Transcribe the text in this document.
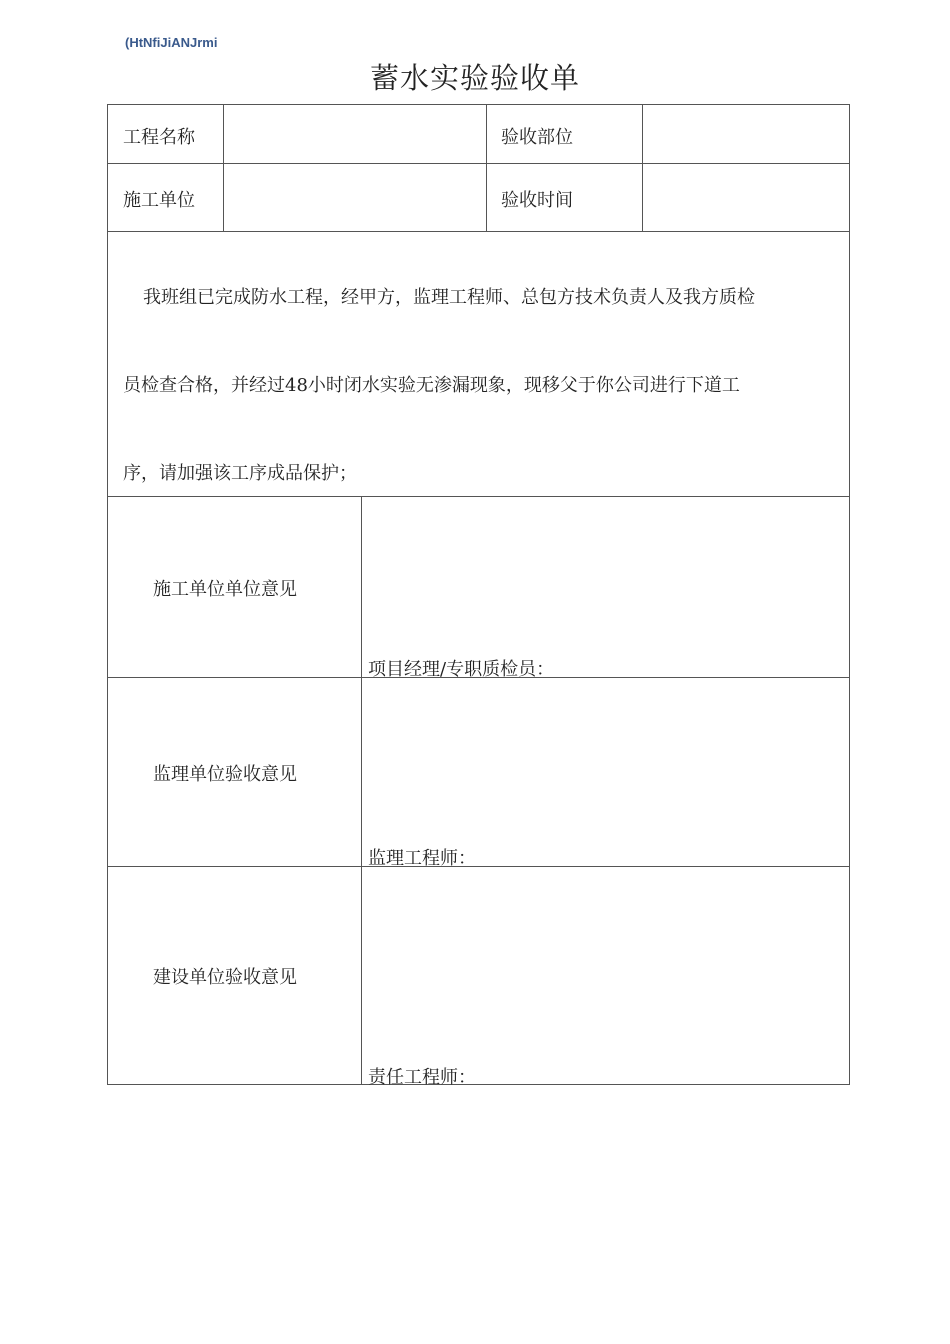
(HtNfiJiANJrmi
蓄水实验验收单
工程名称	验收部位
施工单位	验收时间
我班组已完成防水工程，经甲方，监理工程师、总包方技术负责人及我方质检
员检查合格，并经过48小时闭水实验无渗漏现象，现移父于你公司进行下道工
序，请加强该工序成品保护；
施工单位单位意见
项目经理/专职质检员：
监理单位验收意见
监理工程师：
建设单位验收意见
责任工程师：
